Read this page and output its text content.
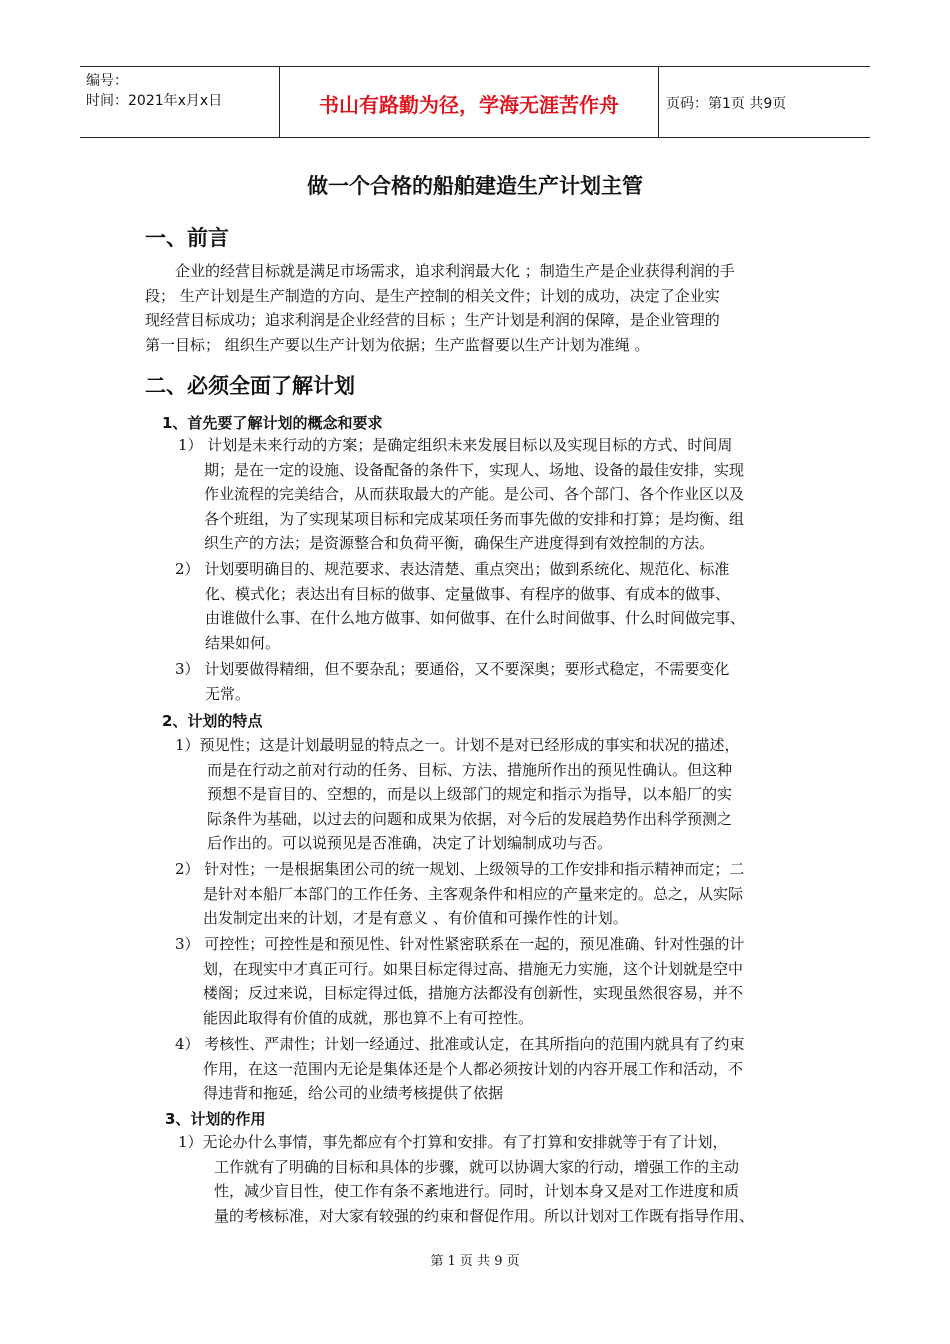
编号：
时间：2021年x月x日	书山有路勤为径，学海无涯苦作舟	页码：第1页 共9页
做一个合格的船舶建造生产计划主管
一、前言
企业的经营目标就是满足市场需求，追求利润最大化 ；制造生产是企业获得利润的手
段； 生产计划是生产制造的方向、是生产控制的相关文件；计划的成功，决定了企业实
现经营目标成功；追求利润是企业经营的目标 ；生产计划是利润的保障，是企业管理的
第一目标； 组织生产要以生产计划为依据；生产监督要以生产计划为准绳 。
二、必须全面了解计划
1、首先要了解计划的概念和要求
1） 计划是未来行动的方案；是确定组织未来发展目标以及实现目标的方式、时间周
期；是在一定的设施、设备配备的条件下，实现人、场地、设备的最佳安排，实现
作业流程的完美结合，从而获取最大的产能。是公司、各个部门、各个作业区以及
各个班组，为了实现某项目标和完成某项任务而事先做的安排和打算；是均衡、组
织生产的方法；是资源整合和负荷平衡，确保生产进度得到有效控制的方法。
2） 计划要明确目的、规范要求、表达清楚、重点突出；做到系统化、规范化、标准
化、模式化；表达出有目标的做事、定量做事、有程序的做事、有成本的做事、
由谁做什么事、在什么地方做事、如何做事、在什么时间做事、什么时间做完事、
结果如何。
3） 计划要做得精细，但不要杂乱；要通俗，又不要深奥；要形式稳定，不需要变化
无常。
2、计划的特点
1）预见性；这是计划最明显的特点之一。计划不是对已经形成的事实和状况的描述，
而是在行动之前对行动的任务、目标、方法、措施所作出的预见性确认。但这种
预想不是盲目的、空想的，而是以上级部门的规定和指示为指导，以本船厂的实
际条件为基础，以过去的问题和成果为依据，对今后的发展趋势作出科学预测之
后作出的。可以说预见是否准确，决定了计划编制成功与否。
2） 针对性；一是根据集团公司的统一规划、上级领导的工作安排和指示精神而定；二
是针对本船厂本部门的工作任务、主客观条件和相应的产量来定的。总之，从实际
出发制定出来的计划，才是有意义 、有价值和可操作性的计划。
3） 可控性；可控性是和预见性、针对性紧密联系在一起的，预见准确、针对性强的计
划，在现实中才真正可行。如果目标定得过高、措施无力实施，这个计划就是空中
楼阁；反过来说，目标定得过低，措施方法都没有创新性，实现虽然很容易，并不
能因此取得有价值的成就，那也算不上有可控性。
4） 考核性、严肃性；计划一经通过、批准或认定，在其所指向的范围内就具有了约束
作用，在这一范围内无论是集体还是个人都必须按计划的内容开展工作和活动，不
得违背和拖延，给公司的业绩考核提供了依据
3、计划的作用
1）无论办什么事情，事先都应有个打算和安排。有了打算和安排就等于有了计划，
工作就有了明确的目标和具体的步骤，就可以协调大家的行动，增强工作的主动
性，减少盲目性，使工作有条不紊地进行。同时，计划本身又是对工作进度和质
量的考核标准，对大家有较强的约束和督促作用。所以计划对工作既有指导作用、
第 1 页 共 9 页
